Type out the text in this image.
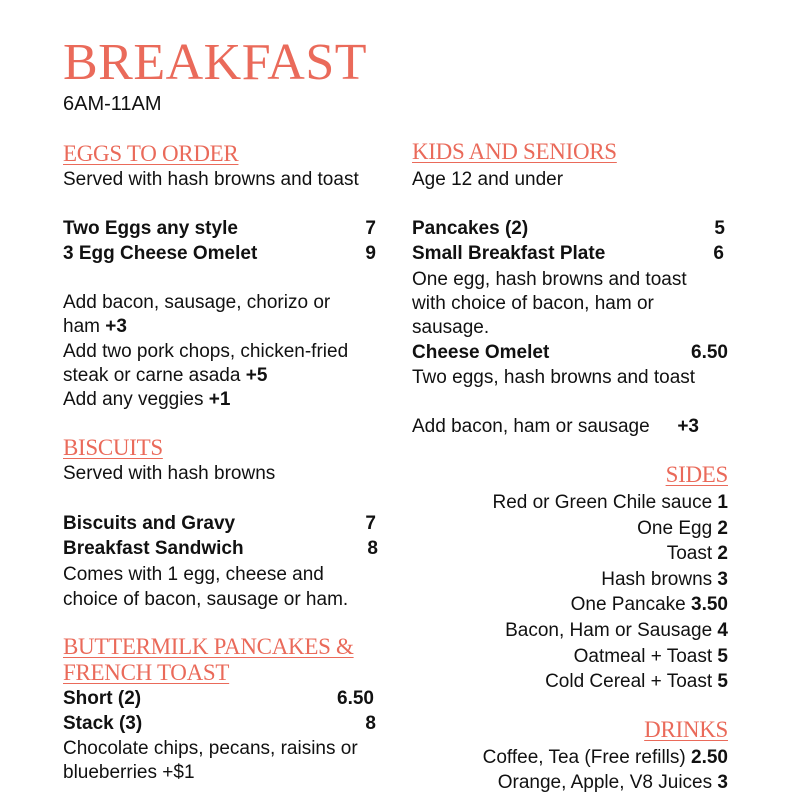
BREAKFAST
6AM-11AM
EGGS TO ORDER
Served with hash browns and toast
Two Eggs any style	7
3 Egg Cheese Omelet	9
Add bacon, sausage, chorizo or
ham +3
Add two pork chops, chicken-fried
steak or carne asada +5
Add any veggies +1
BISCUITS
Served with hash browns
Biscuits and Gravy	7
Breakfast Sandwich	8
Comes with 1 egg, cheese and
choice of bacon, sausage or ham.
BUTTERMILK PANCAKES &
FRENCH TOAST
Short (2)	6.50
Stack (3)	8
Chocolate chips, pecans, raisins or
blueberries +$1
KIDS AND SENIORS
Age 12 and under
Pancakes (2)	5
Small Breakfast Plate	6
One egg, hash browns and toast
with choice of bacon, ham or
sausage.
Cheese Omelet	6.50
Two eggs, hash browns and toast
Add bacon, ham or sausage +3
SIDES
Red or Green Chile sauce 1
One Egg 2
Toast 2
Hash browns 3
One Pancake 3.50
Bacon, Ham or Sausage 4
Oatmeal + Toast 5
Cold Cereal + Toast 5
DRINKS
Coffee, Tea (Free refills) 2.50
Orange, Apple, V8 Juices 3
